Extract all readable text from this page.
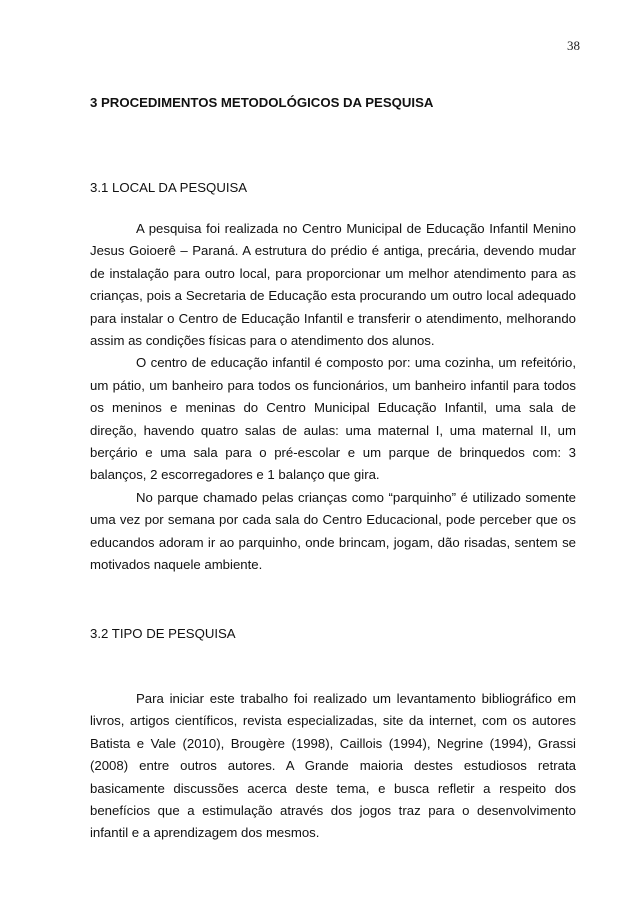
38
3 PROCEDIMENTOS METODOLÓGICOS DA PESQUISA
3.1 LOCAL DA PESQUISA

A pesquisa foi realizada no Centro Municipal de Educação Infantil Menino Jesus Goioerê – Paraná. A estrutura do prédio é antiga, precária, devendo mudar de instalação para outro local, para proporcionar um melhor atendimento para as crianças, pois a Secretaria de Educação esta procurando um outro local adequado para instalar o Centro de Educação Infantil e transferir o atendimento, melhorando assim as condições físicas para o atendimento dos alunos.

O centro de educação infantil é composto por: uma cozinha, um refeitório, um pátio, um banheiro para todos os funcionários, um banheiro infantil para todos os meninos e meninas do Centro Municipal Educação Infantil, uma sala de direção, havendo quatro salas de aulas: uma maternal I, uma maternal II, um berçário e uma sala para o pré-escolar e um parque de brinquedos com: 3 balanços, 2 escorregadores e 1 balanço que gira.

No parque chamado pelas crianças como “parquinho” é utilizado somente uma vez por semana por cada sala do Centro Educacional, pode perceber que os educandos adoram ir ao parquinho, onde brincam, jogam, dão risadas, sentem se motivados naquele ambiente.

3.2 TIPO DE PESQUISA

Para iniciar este trabalho foi realizado um levantamento bibliográfico em livros, artigos científicos, revista especializadas, site da internet, com os autores Batista e Vale (2010), Brougère (1998), Caillois (1994), Negrine (1994), Grassi (2008) entre outros autores. A Grande maioria destes estudiosos retrata basicamente discussões acerca deste tema, e busca refletir a respeito dos benefícios que a estimulação através dos jogos traz para o desenvolvimento infantil e a aprendizagem dos mesmos.
